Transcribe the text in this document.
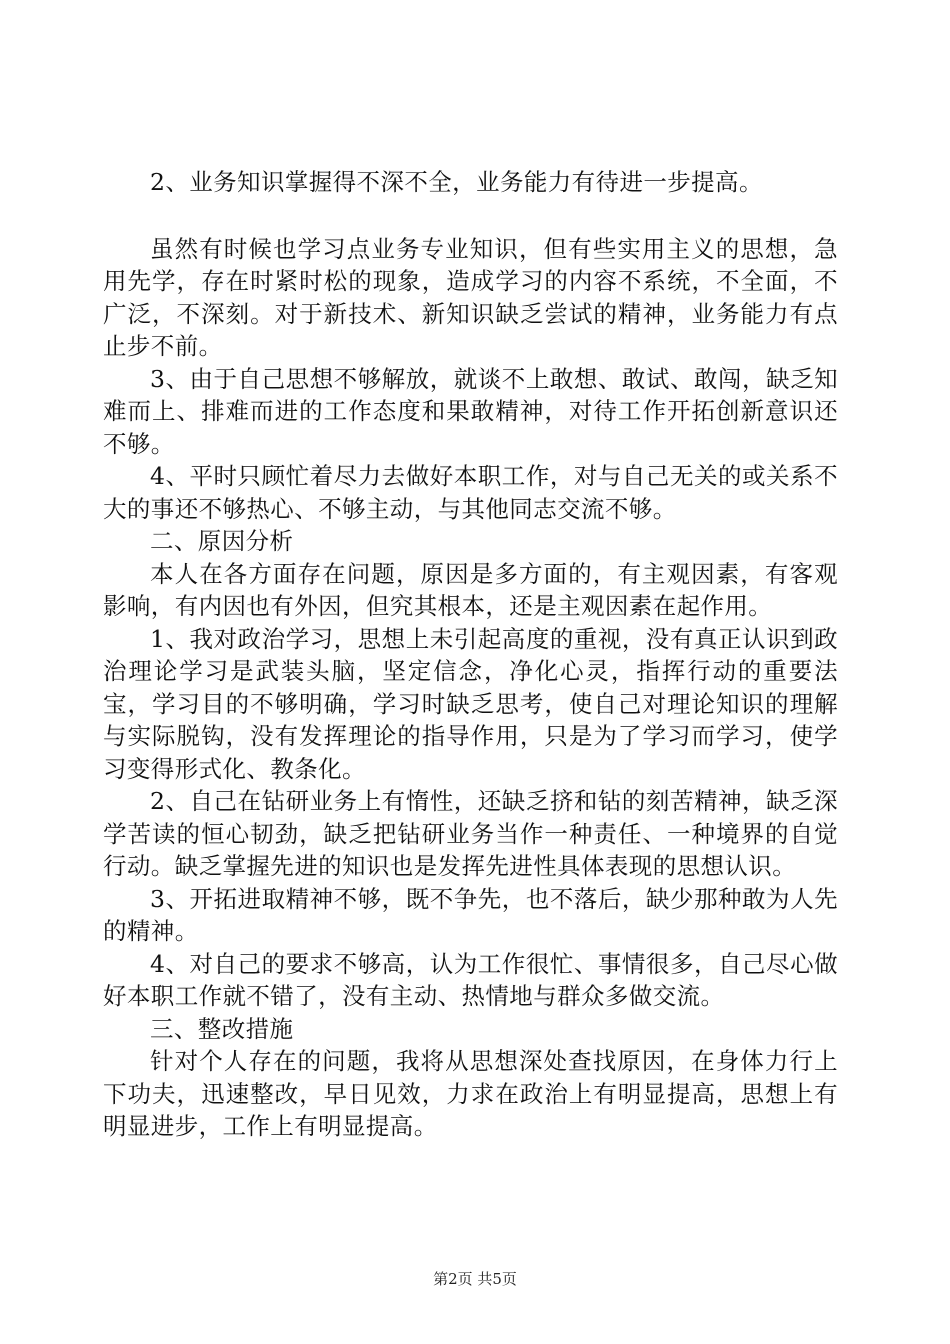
2、业务知识掌握得不深不全，业务能力有待进一步提高。

虽然有时候也学习点业务专业知识，但有些实用主义的思想，急用先学，存在时紧时松的现象，造成学习的内容不系统，不全面，不广泛，不深刻。对于新技术、新知识缺乏尝试的精神，业务能力有点止步不前。

3、由于自己思想不够解放，就谈不上敢想、敢试、敢闯，缺乏知难而上、排难而进的工作态度和果敢精神，对待工作开拓创新意识还不够。

4、平时只顾忙着尽力去做好本职工作，对与自己无关的或关系不大的事还不够热心、不够主动，与其他同志交流不够。

二、原因分析

本人在各方面存在问题，原因是多方面的，有主观因素，有客观影响，有内因也有外因，但究其根本，还是主观因素在起作用。

1、我对政治学习，思想上未引起高度的重视，没有真正认识到政治理论学习是武装头脑，坚定信念，净化心灵，指挥行动的重要法宝，学习目的不够明确，学习时缺乏思考，使自己对理论知识的理解与实际脱钩，没有发挥理论的指导作用，只是为了学习而学习，使学习变得形式化、教条化。

2、自己在钻研业务上有惰性，还缺乏挤和钻的刻苦精神，缺乏深学苦读的恒心韧劲，缺乏把钻研业务当作一种责任、一种境界的自觉行动。缺乏掌握先进的知识也是发挥先进性具体表现的思想认识。

3、开拓进取精神不够，既不争先，也不落后，缺少那种敢为人先的精神。

4、对自己的要求不够高，认为工作很忙、事情很多，自己尽心做好本职工作就不错了，没有主动、热情地与群众多做交流。

三、整改措施

针对个人存在的问题，我将从思想深处查找原因，在身体力行上下功夫，迅速整改，早日见效，力求在政治上有明显提高，思想上有明显进步，工作上有明显提高。

第2页 共5页
